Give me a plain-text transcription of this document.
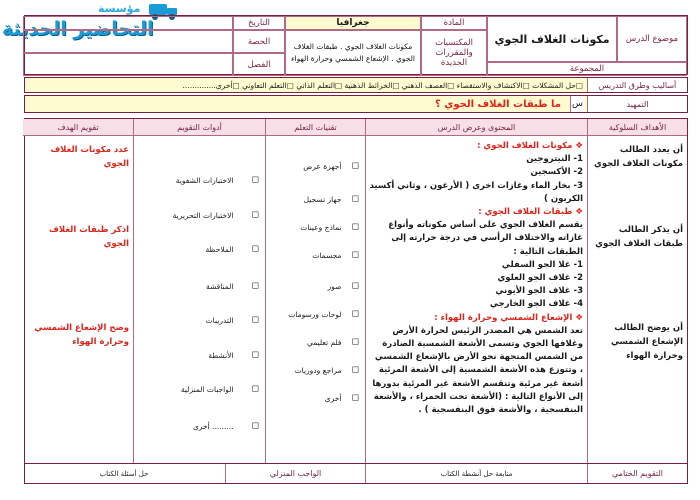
مؤسسة
التحاضير الحديثة	موضوع الدرس
المجموعة
مكونات الغلاف الجوي
المادة
المكتسبات والمقررات الجديدة
جغرافيا
مكونات الغلاف الجوي . طبقات الغلاف الجوي . الإشعاع الشمسي وحرارة الهواء
التاريخ
الحصة
الفصل
أساليب وطرق التدريس
□حل المشكلات □الاكتشاف والاستقصاء □العصف الذهني □الخرائط الذهنية □التعلم الذاتي □التعلم التعاوني □أخرى..............
التمهيد
س
ما طبقات الغلاف الجوي ؟
الأهداف السلوكية
أن يعدد الطالب مكونات الغلاف الجوي
أن يذكر الطالب طبقات الغلاف الجوي
أن يوضح الطالب الإشعاع الشمسي وحرارة الهواء
المحتوى وعرض الدرس
❖ مكونات الغلاف الجوي :
1- النيتروجين
2- الأكسجين
3- بخار الماء وغازات اخرى ( الأرغون ، وثاني أكسيد الكربون )
❖ طبقات الغلاف الجوي :
يقسم الغلاف الجوي على أساس مكوناته وأنواع غازاته والاختلاف الرأسي في درجة حرارته إلى الطبقات التالية :
1- غلا الجو السفلي
2- غلاف الجو العلوي
3- غلاف الجو الأيوني
4- غلاف الجو الخارجي
❖ الإشعاع الشمسي وحرارة الهواء :
تعد الشمس هي المصدر الرئيس لحرارة الأرض وغلافها الجوي وتسمى الأشعة الشمسية الصادرة من الشمس المتجهة نحو الأرض بالإشعاع الشمسي ، وتتوزع هذه الأشعة الشمسية إلى الأشعة المرئية أشعة غير مرئية وتنقسم الأشعة غير المرئية بدورها إلى الأنواع التالية : (الأشعة تحت الحمراء ، والأشعة البنفسجية ، والأشعة فوق البنفسجية ) .
تقنيات التعلم
◻
أجهزة عرض
◻
جهاز تسجيل
◻
نماذج وعينات
◻
مجسمات
◻
صور
◻
لوحات ورسومات
◻
فلم تعليمي
◻
مراجع ودوريات
◻
أخرى
أدوات التقويم
◻
الاختبارات الشفوية
◻
الاختبارات التحريرية
◻
الملاحظة
◻
المناقشة
◻
التدريبات
◻
الأنشطة
◻
الواجبات المنزلية
◻
أخرى .........
تقويم الهدف
عدد مكونات الغلاف الجوي
اذكر طبقات الغلاف الجوي
وضح الإشعاع الشمسي وحرارة الهواء
التقويم الختامي
متابعة حل أنشطة الكتاب
الواجب المنزلي
حل أسئلة الكتاب
